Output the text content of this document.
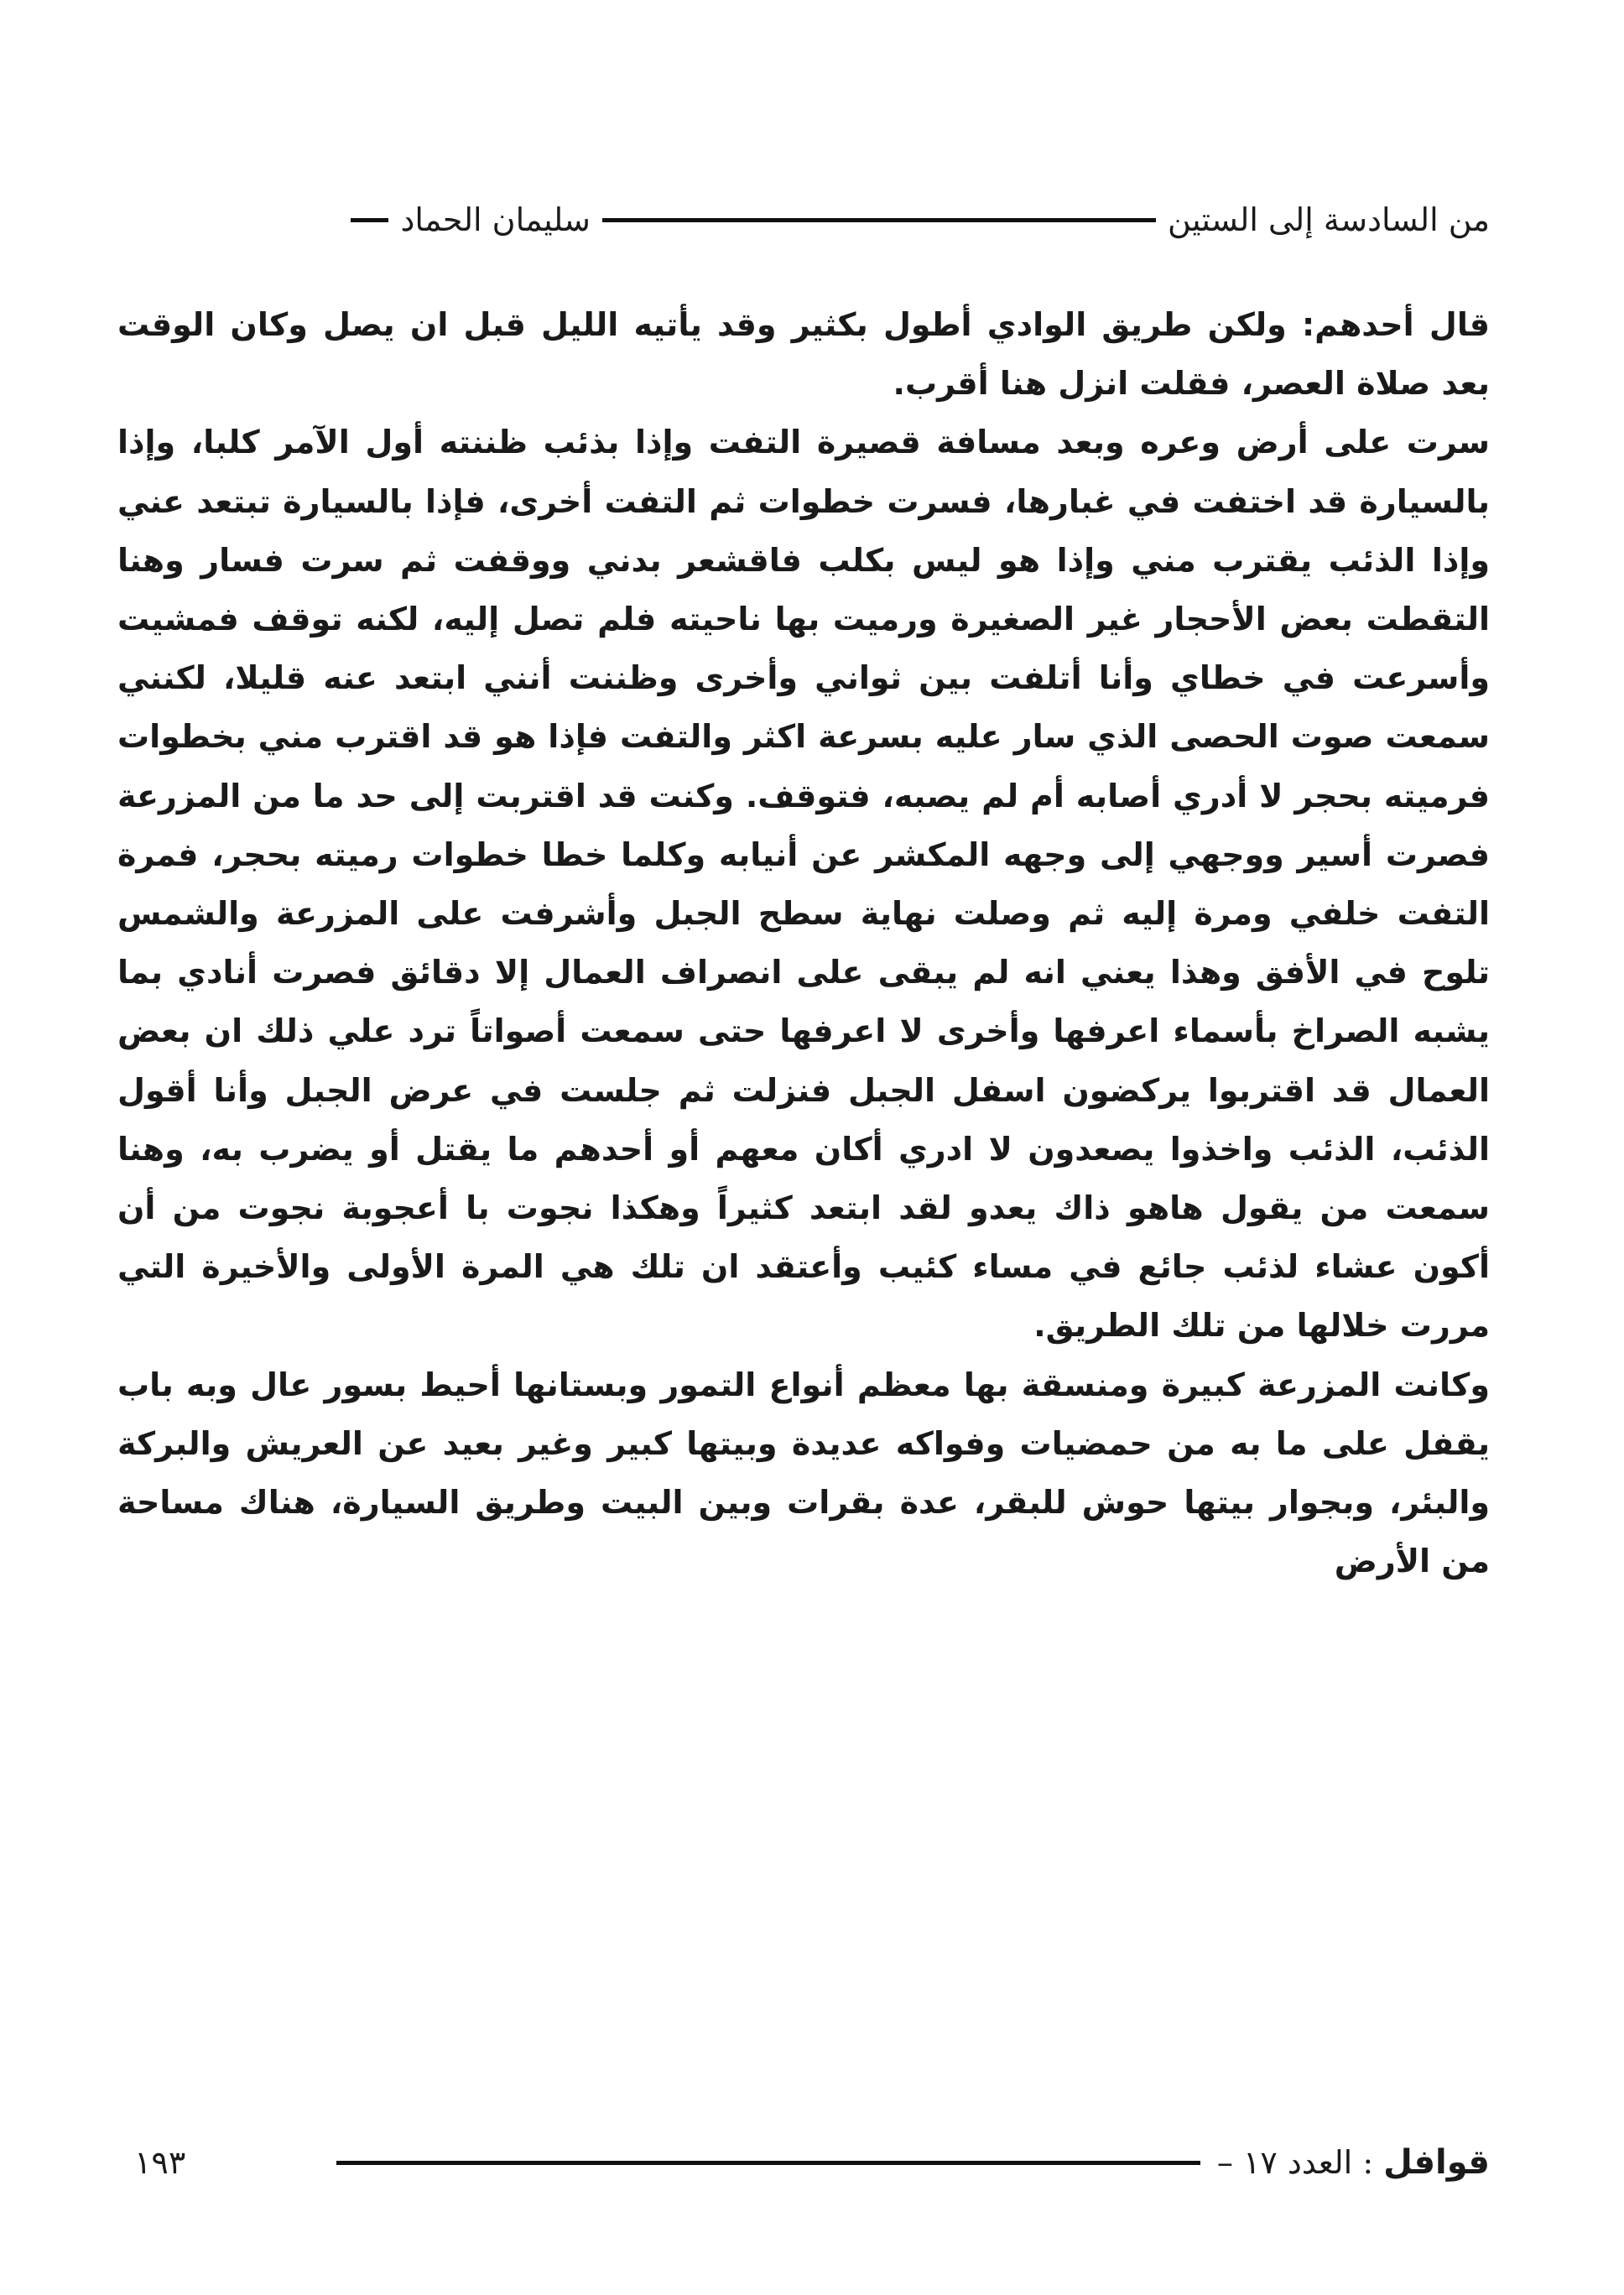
من السادسة إلى الستين
سليمان الحماد

قال أحدهم: ولكن طريق الوادي أطول بكثير وقد يأتيه الليل قبل ان يصل وكان الوقت بعد صلاة العصر، فقلت انزل هنا أقرب.

سرت على أرض وعره وبعد مسافة قصيرة التفت وإذا بذئب ظننته أول الآمر كلبا، وإذا بالسيارة قد اختفت في غبارها، فسرت خطوات ثم التفت أخرى، فإذا بالسيارة تبتعد عني وإذا الذئب يقترب مني وإذا هو ليس بكلب فاقشعر بدني ووقفت ثم سرت فسار وهنا التقطت بعض الأحجار غير الصغيرة ورميت بها ناحيته فلم تصل إليه، لكنه توقف فمشيت وأسرعت في خطاي وأنا أتلفت بين ثواني وأخرى وظننت أنني ابتعد عنه قليلا، لكنني سمعت صوت الحصى الذي سار عليه بسرعة اكثر والتفت فإذا هو قد اقترب مني بخطوات فرميته بحجر لا أدري أصابه أم لم يصبه، فتوقف. وكنت قد اقتربت إلى حد ما من المزرعة فصرت أسير ووجهي إلى وجهه المكشر عن أنيابه وكلما خطا خطوات رميته بحجر، فمرة التفت خلفي ومرة إليه ثم وصلت نهاية سطح الجبل وأشرفت على المزرعة والشمس تلوح في الأفق وهذا يعني انه لم يبقى على انصراف العمال إلا دقائق فصرت أنادي بما يشبه الصراخ بأسماء اعرفها وأخرى لا اعرفها حتى سمعت أصواتاً ترد علي ذلك ان بعض العمال قد اقتربوا يركضون اسفل الجبل فنزلت ثم جلست في عرض الجبل وأنا أقول الذئب، الذئب واخذوا يصعدون لا ادري أكان معهم أو أحدهم ما يقتل أو يضرب به، وهنا سمعت من يقول هاهو ذاك يعدو لقد ابتعد كثيراً وهكذا نجوت با أعجوبة نجوت من أن أكون عشاء لذئب جائع في مساء كئيب وأعتقد ان تلك هي المرة الأولى والأخيرة التي مررت خلالها من تلك الطريق.

وكانت المزرعة كبيرة ومنسقة بها معظم أنواع التمور وبستانها أحيط بسور عال وبه باب يقفل على ما به من حمضيات وفواكه عديدة وبيتها كبير وغير بعيد عن العريش والبركة والبئر، وبجوار بيتها حوش للبقر، عدة بقرات وبين البيت وطريق السيارة، هناك مساحة من الأرض

قوافل
: العدد ١٧ –
١٩٣
